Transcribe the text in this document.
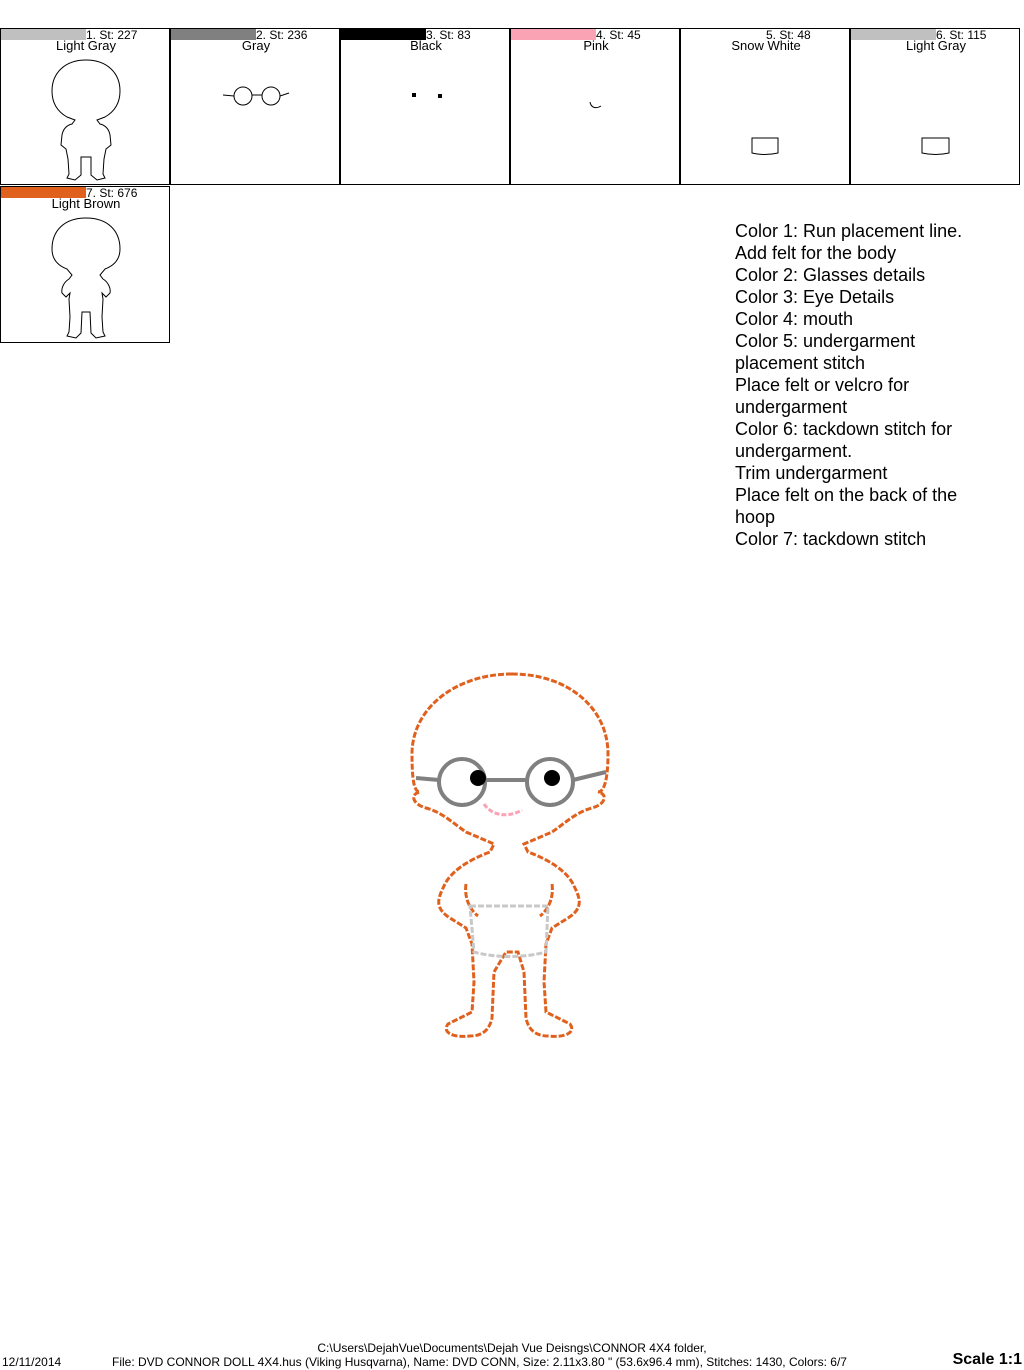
1. St: 227
Light Gray
2. St: 236
Gray
3. St: 83
Black
4. St: 45
Pink
5. St: 48
Snow White
6. St: 115
Light Gray
7. St: 676
Light Brown
Color 1: Run placement line.
Add felt for the body
Color 2: Glasses details
Color 3: Eye Details
Color 4: mouth
Color 5: undergarment
placement stitch
Place felt or velcro for
undergarment
Color 6: tackdown stitch for
undergarment.
Trim undergarment
Place felt on the back of the
hoop
Color 7: tackdown stitch
C:\Users\DejahVue\Documents\Dejah Vue Deisngs\CONNOR 4X4 folder,
12/11/2014	File: DVD CONNOR DOLL 4X4.hus (Viking Husqvarna), Name: DVD CONN, Size: 2.11x3.80 " (53.6x96.4 mm), Stitches: 1430, Colors: 6/7	Scale 1:1
